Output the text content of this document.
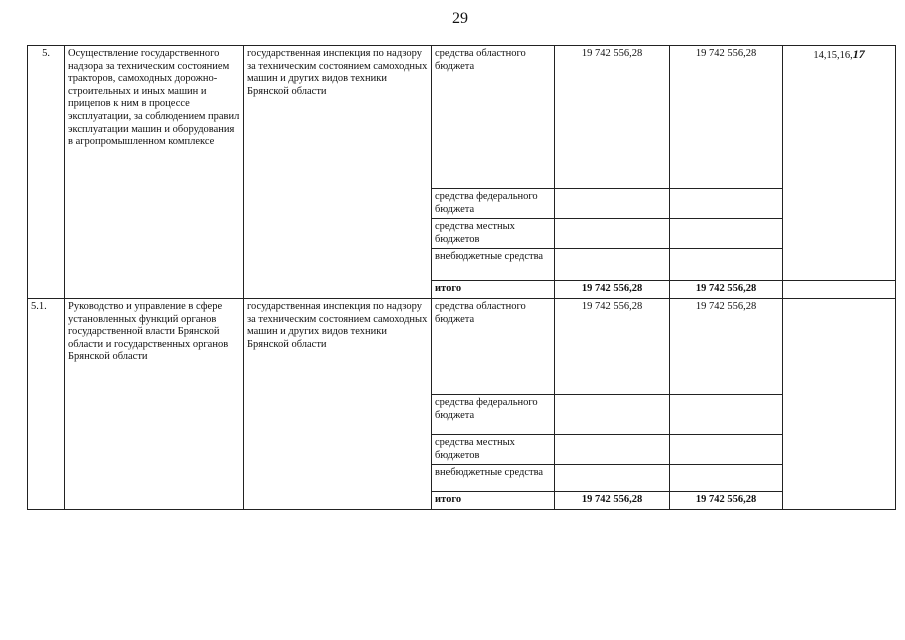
29
5.	Осуществление государственного надзора за техническим состоянием тракторов, самоходных дорожно-строительных и иных машин и прицепов к ним в процессе эксплуатации, за соблюдением правил эксплуатации машин и оборудования в агропромышленном комплексе	государственная инспекция по надзору за техническим состоянием самоходных машин и других видов техники Брянской области	средства областного бюджета	19 742 556,28	19 742 556,28	14,15,16,17
			средства федерального бюджета			
			средства местных бюджетов			
			внебюджетные средства			
			итого	19 742 556,28	19 742 556,28	
5.1.	Руководство и управление в сфере установленных функций органов государственной власти Брянской области и государственных органов Брянской области	государственная инспекция по надзору за техническим состоянием самоходных машин и других видов техники Брянской области	средства областного бюджета	19 742 556,28	19 742 556,28	
			средства федерального бюджета			
			средства местных бюджетов			
			внебюджетные средства			
			итого	19 742 556,28	19 742 556,28	
